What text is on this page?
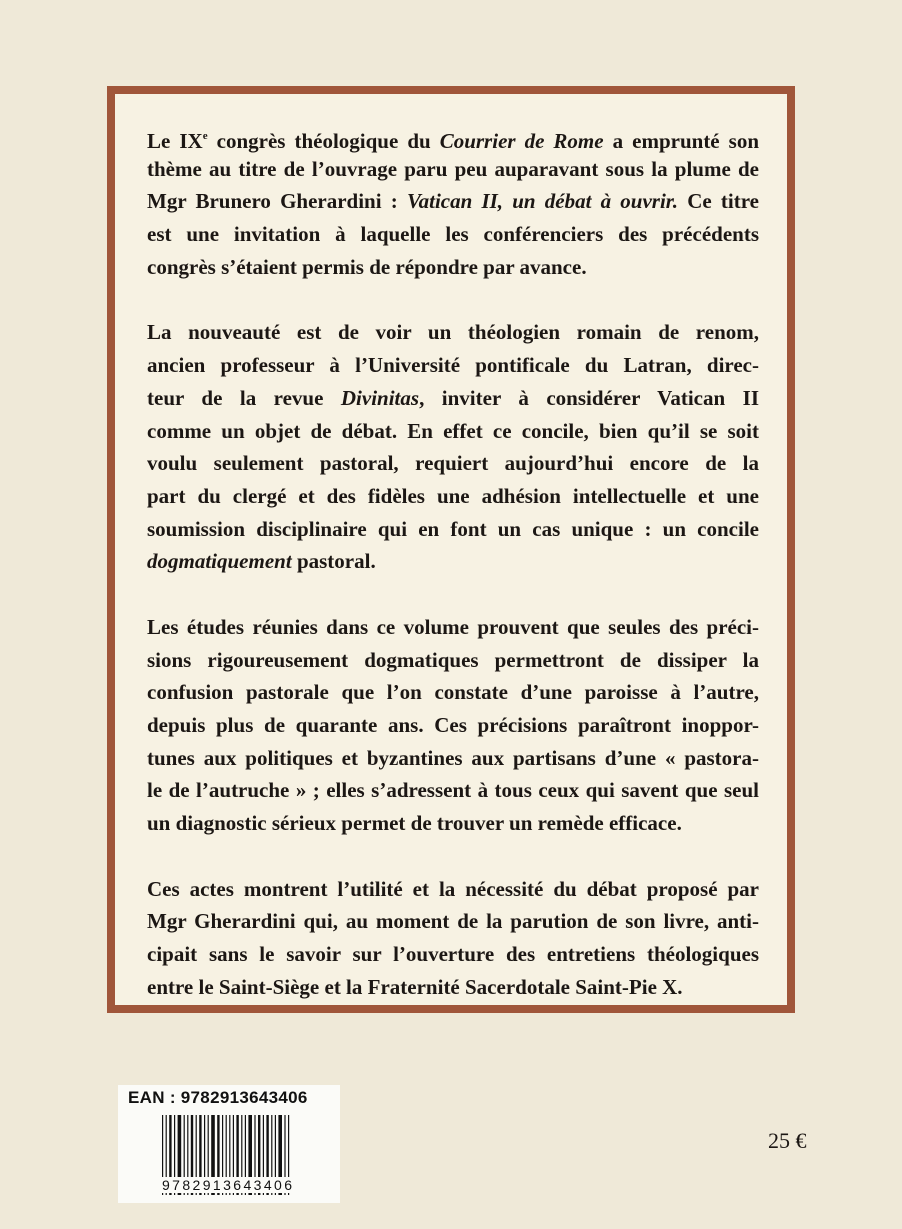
Le IXe congrès théologique du Courrier de Rome a emprunté son
thème au titre de l’ouvrage paru peu auparavant sous la plume de
Mgr Brunero Gherardini : Vatican II, un débat à ouvrir. Ce titre
est une invitation à laquelle les conférenciers des précédents
congrès s’étaient permis de répondre par avance.
La nouveauté est de voir un théologien romain de renom,
ancien professeur à l’Université pontificale du Latran, direc-
teur de la revue Divinitas, inviter à considérer Vatican II
comme un objet de débat. En effet ce concile, bien qu’il se soit
voulu seulement pastoral, requiert aujourd’hui encore de la
part du clergé et des fidèles une adhésion intellectuelle et une
soumission disciplinaire qui en font un cas unique : un concile
dogmatiquement pastoral.
Les études réunies dans ce volume prouvent que seules des préci-
sions rigoureusement dogmatiques permettront de dissiper la
confusion pastorale que l’on constate d’une paroisse à l’autre,
depuis plus de quarante ans. Ces précisions paraîtront inoppor-
tunes aux politiques et byzantines aux partisans d’une « pastora-
le de l’autruche » ; elles s’adressent à tous ceux qui savent que seul
un diagnostic sérieux permet de trouver un remède efficace.
Ces actes montrent l’utilité et la nécessité du débat proposé par
Mgr Gherardini qui, au moment de la parution de son livre, anti-
cipait sans le savoir sur l’ouverture des entretiens théologiques
entre le Saint-Siège et la Fraternité Sacerdotale Saint-Pie X.
EAN : 9782913643406
9782913643406
25 €
